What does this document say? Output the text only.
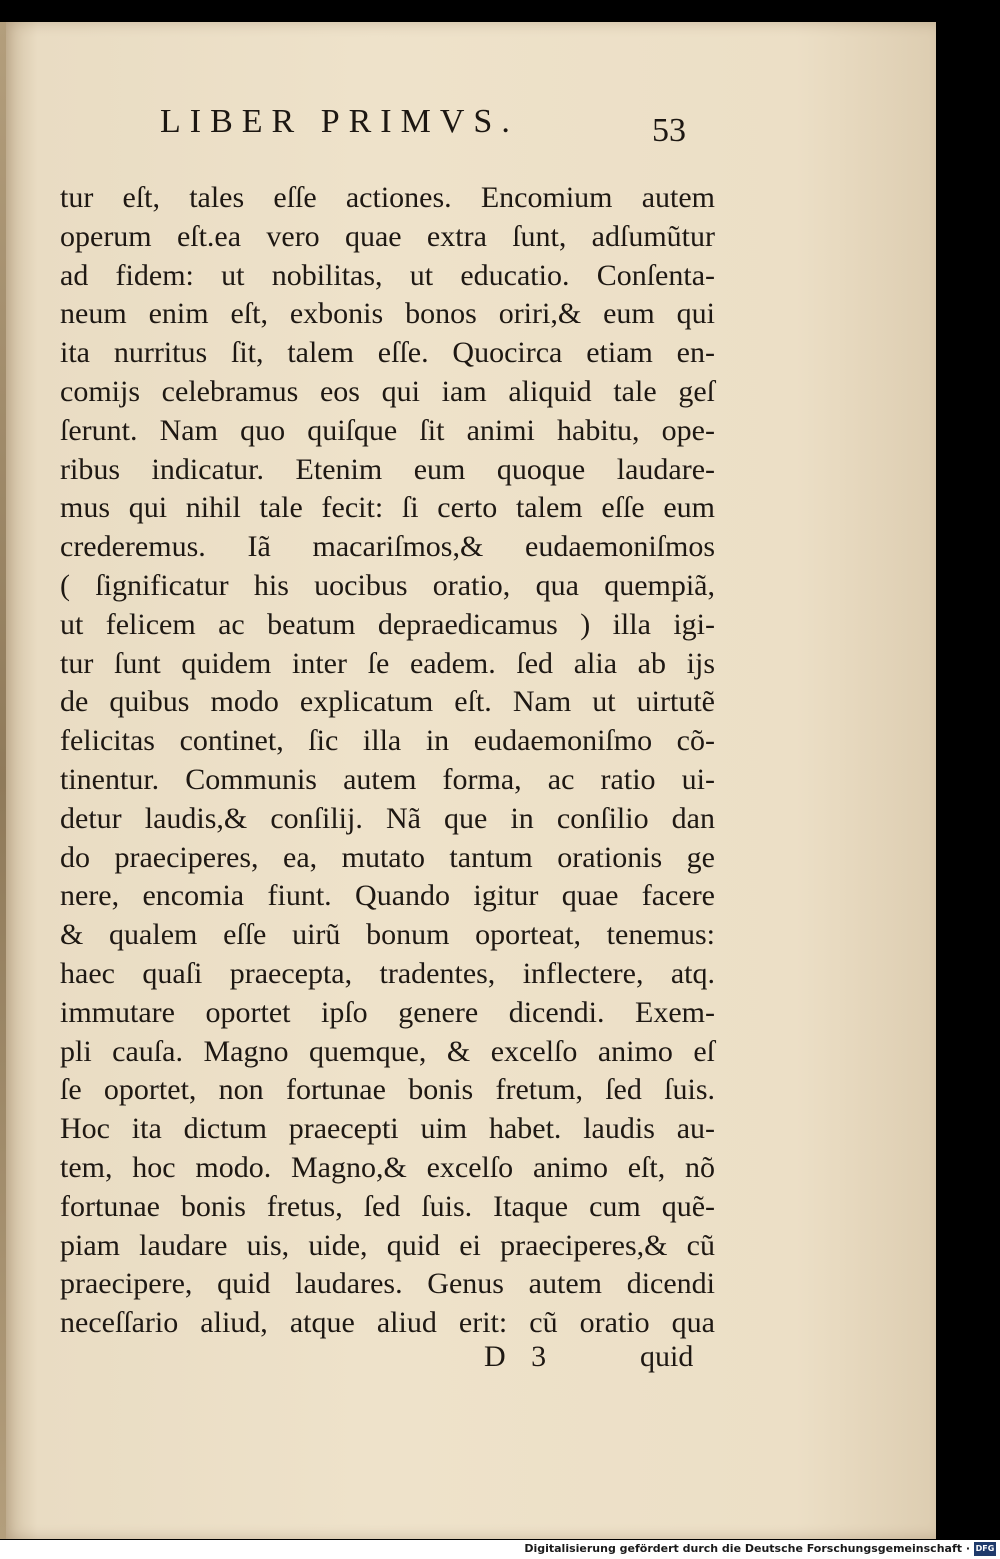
LIBER PRIMVS.	53
tur eſt, tales eſſe actiones. Encomium autem
operum eſt.ea vero quae extra ſunt, adſumũtur
ad fidem: ut nobilitas, ut educatio. Conſenta-
neum enim eſt, exbonis bonos oriri,& eum qui
ita nurritus ſit, talem eſſe. Quocirca etiam en-
comijs celebramus eos qui iam aliquid tale geſ
ſerunt. Nam quo quiſque ſit animi habitu, ope-
ribus indicatur. Etenim eum quoque laudare-
mus qui nihil tale fecit: ſi certo talem eſſe eum
crederemus. Iã macariſmos,& eudaemoniſmos
( ſignificatur his uocibus oratio, qua quempiã,
ut felicem ac beatum depraedicamus ) illa igi-
tur ſunt quidem inter ſe eadem. ſed alia ab ijs
de quibus modo explicatum eſt. Nam ut uirtutẽ
felicitas continet, ſic illa in eudaemoniſmo cõ-
tinentur. Communis autem forma, ac ratio ui-
detur laudis,& conſilij. Nã que in conſilio dan
do praeciperes, ea, mutato tantum orationis ge
nere, encomia fiunt. Quando igitur quae facere
& qualem eſſe uirũ bonum oporteat, tenemus:
haec quaſi praecepta, tradentes, inflectere, atq.
immutare oportet ipſo genere dicendi. Exem-
pli cauſa. Magno quemque, & excelſo animo eſ
ſe oportet, non fortunae bonis fretum, ſed ſuis.
Hoc ita dictum praecepti uim habet. laudis au-
tem, hoc modo. Magno,& excelſo animo eſt, nõ
fortunae bonis fretus, ſed ſuis. Itaque cum quẽ-
piam laudare uis, uide, quid ei praeciperes,& cũ
praecipere, quid laudares. Genus autem dicendi
neceſſario aliud, atque aliud erit: cũ oratio qua
D 3	quid
Digitalisierung gefördert durch die Deutsche Forschungsgemeinschaft · DFG
